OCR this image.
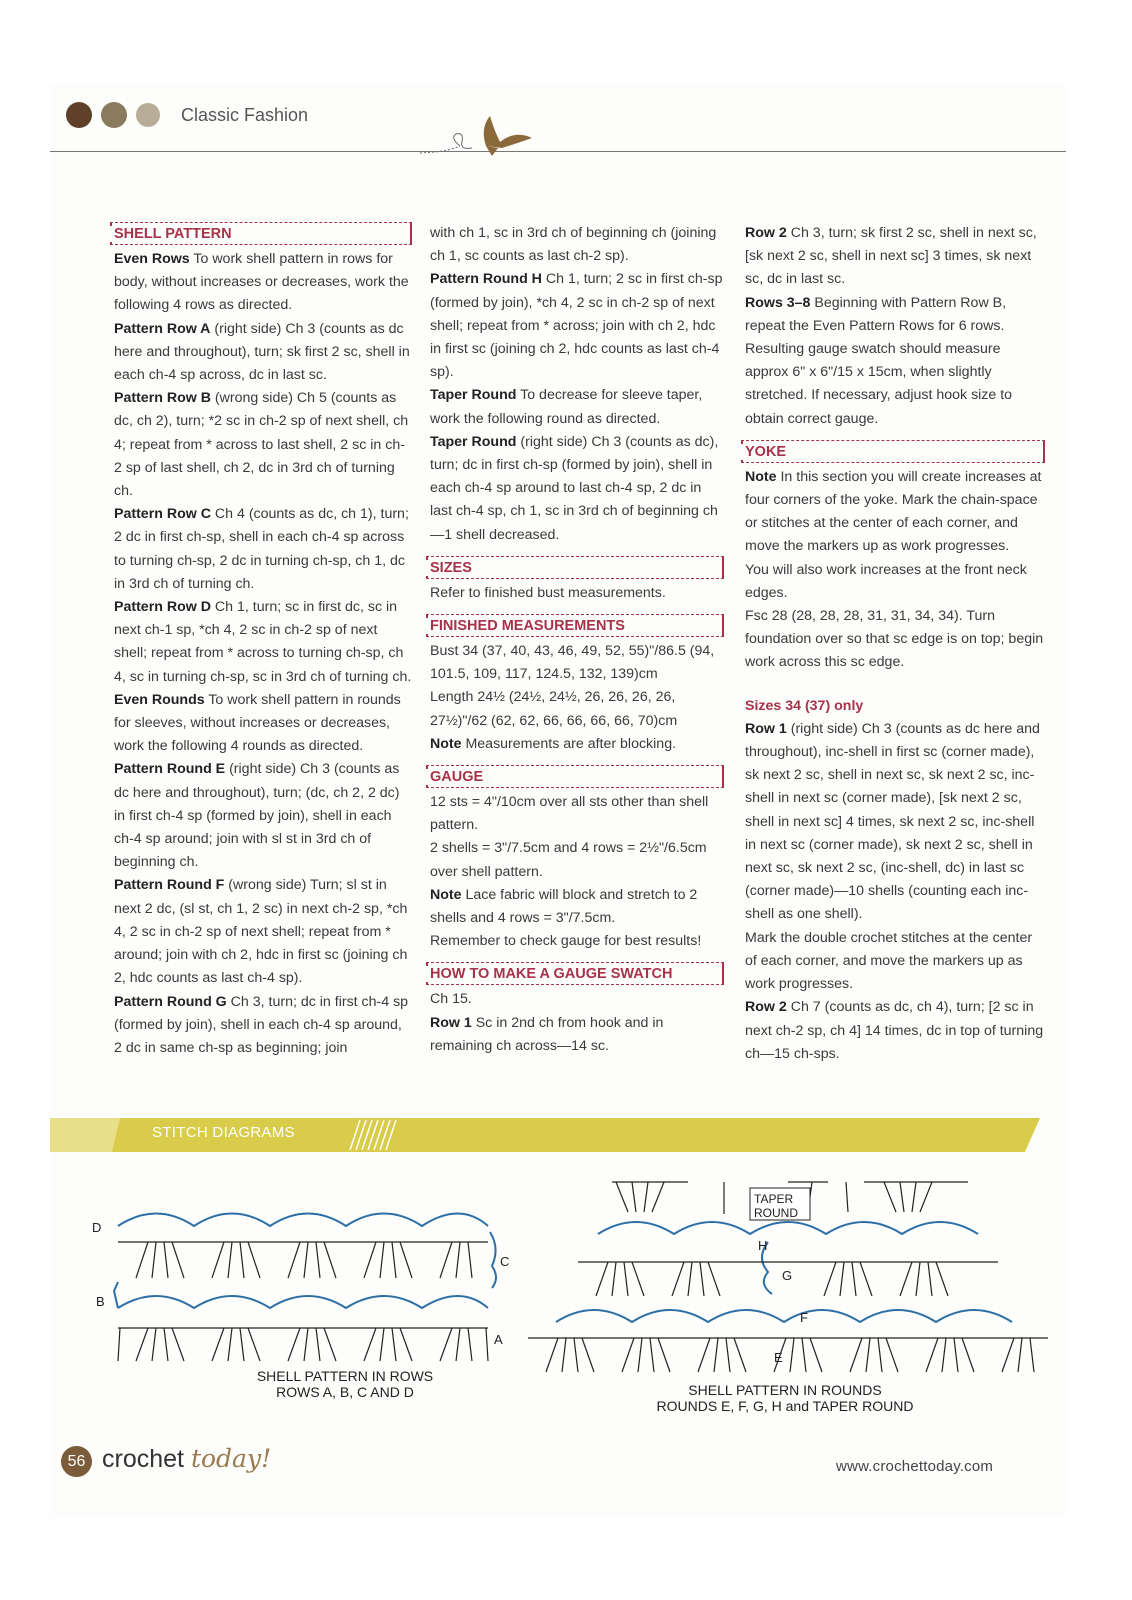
Classic Fashion
SHELL PATTERN

Even Rows To work shell pattern in rows for body, without increases or decreases, work the following 4 rows as directed.

Pattern Row A (right side) Ch 3 (counts as dc here and throughout), turn; sk first 2 sc, shell in each ch-4 sp across, dc in last sc.

Pattern Row B (wrong side) Ch 5 (counts as dc, ch 2), turn; *2 sc in ch-2 sp of next shell, ch 4; repeat from * across to last shell, 2 sc in ch-2 sp of last shell, ch 2, dc in 3rd ch of turning ch.

Pattern Row C Ch 4 (counts as dc, ch 1), turn; 2 dc in first ch-sp, shell in each ch-4 sp across to turning ch-sp, 2 dc in turning ch-sp, ch 1, dc in 3rd ch of turning ch.

Pattern Row D Ch 1, turn; sc in first dc, sc in next ch-1 sp, *ch 4, 2 sc in ch-2 sp of next shell; repeat from * across to turning ch-sp, ch 4, sc in turning ch-sp, sc in 3rd ch of turning ch.

Even Rounds To work shell pattern in rounds for sleeves, without increases or decreases, work the following 4 rounds as directed.

Pattern Round E (right side) Ch 3 (counts as dc here and throughout), turn; (dc, ch 2, 2 dc) in first ch-4 sp (formed by join), shell in each ch-4 sp around; join with sl st in 3rd ch of beginning ch.

Pattern Round F (wrong side) Turn; sl st in next 2 dc, (sl st, ch 1, 2 sc) in next ch-2 sp, *ch 4, 2 sc in ch-2 sp of next shell; repeat from * around; join with ch 2, hdc in first sc (joining ch 2, hdc counts as last ch-4 sp).

Pattern Round G Ch 3, turn; dc in first ch-4 sp (formed by join), shell in each ch-4 sp around, 2 dc in same ch-sp as beginning; join

with ch 1, sc in 3rd ch of beginning ch (joining ch 1, sc counts as last ch-2 sp).

Pattern Round H Ch 1, turn; 2 sc in first ch-sp (formed by join), *ch 4, 2 sc in ch-2 sp of next shell; repeat from * across; join with ch 2, hdc in first sc (joining ch 2, hdc counts as last ch-4 sp).

Taper Round To decrease for sleeve taper, work the following round as directed.

Taper Round (right side) Ch 3 (counts as dc), turn; dc in first ch-sp (formed by join), shell in each ch-4 sp around to last ch-4 sp, 2 dc in last ch-4 sp, ch 1, sc in 3rd ch of beginning ch—1 shell decreased.

SIZES

Refer to finished bust measurements.

FINISHED MEASUREMENTS

Bust 34 (37, 40, 43, 46, 49, 52, 55)"/86.5 (94, 101.5, 109, 117, 124.5, 132, 139)cm

Length 24½ (24½, 24½, 26, 26, 26, 26, 27½)"/62 (62, 62, 66, 66, 66, 66, 70)cm

Note Measurements are after blocking.

GAUGE

12 sts = 4"/10cm over all sts other than shell pattern.

2 shells = 3"/7.5cm and 4 rows = 2½"/6.5cm over shell pattern.

Note Lace fabric will block and stretch to 2 shells and 4 rows = 3"/7.5cm.

Remember to check gauge for best results!

HOW TO MAKE A GAUGE SWATCH

Ch 15.

Row 1 Sc in 2nd ch from hook and in remaining ch across—14 sc.

Row 2 Ch 3, turn; sk first 2 sc, shell in next sc, [sk next 2 sc, shell in next sc] 3 times, sk next sc, dc in last sc.

Rows 3–8 Beginning with Pattern Row B, repeat the Even Pattern Rows for 6 rows. Resulting gauge swatch should measure approx 6" x 6"/15 x 15cm, when slightly stretched. If necessary, adjust hook size to obtain correct gauge.

YOKE

Note In this section you will create increases at four corners of the yoke. Mark the chain-space or stitches at the center of each corner, and move the markers up as work progresses.

You will also work increases at the front neck edges.

Fsc 28 (28, 28, 28, 31, 31, 34, 34). Turn foundation over so that sc edge is on top; begin work across this sc edge.

Sizes 34 (37) only

Row 1 (right side) Ch 3 (counts as dc here and throughout), inc-shell in first sc (corner made), sk next 2 sc, shell in next sc, sk next 2 sc, inc-shell in next sc (corner made), [sk next 2 sc, shell in next sc] 4 times, sk next 2 sc, inc-shell in next sc (corner made), sk next 2 sc, shell in next sc, sk next 2 sc, (inc-shell, dc) in last sc (corner made)—10 shells (counting each inc-shell as one shell).

Mark the double crochet stitches at the center of each corner, and move the markers up as work progresses.

Row 2 Ch 7 (counts as dc, ch 4), turn; [2 sc in next ch-2 sp, ch 4] 14 times, dc in top of turning ch—15 ch-sps.

STITCH DIAGRAMS
D
B
C
A
SHELL PATTERN IN ROWS
ROWS A, B, C AND D
TAPER
ROUND
H
G
F
E
SHELL PATTERN IN ROUNDS
ROUNDS E, F, G, H and TAPER ROUND
56 crochet today!	www.crochettoday.com
